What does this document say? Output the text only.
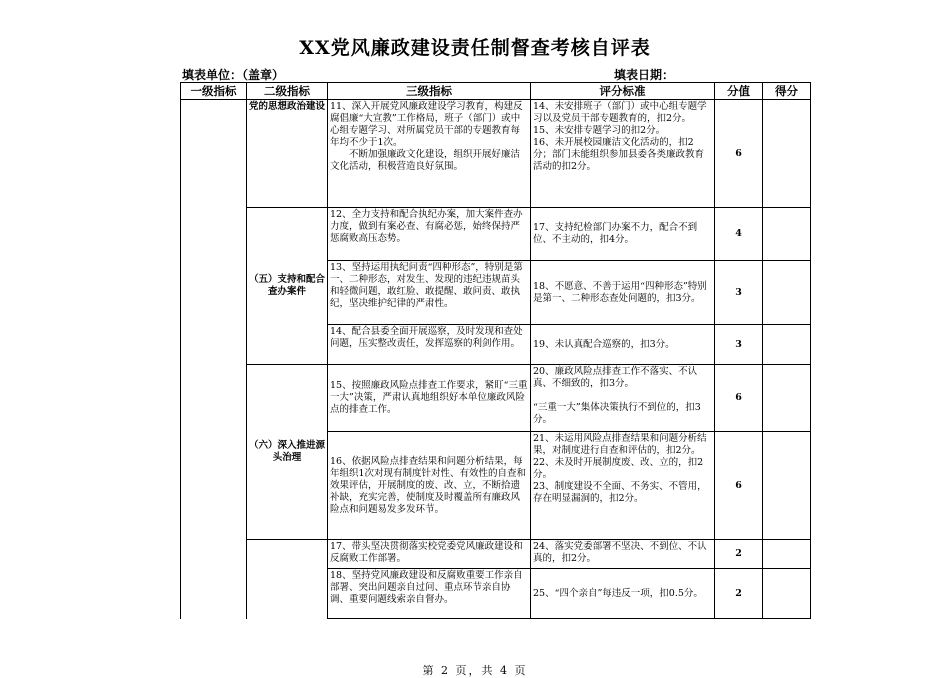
XX党风廉政建设责任制督查考核自评表
填表单位：（盖章）	填表日期：
一级指标	二级指标	三级指标	评分标准	分值	得分
	党的思想政治建设	11、深入开展党风廉政建设学习教育，构建反腐倡廉“大宣教”工作格局，班子（部门）或中心组专题学习、对所属党员干部的专题教育每年均不少于1次。
　　不断加强廉政文化建设，组织开展好廉洁文化活动，积极营造良好氛围。	14、未安排班子（部门）或中心组专题学习以及党员干部专题教育的，扣2分。
15、未安排专题学习的扣2分。
16、未开展校园廉洁文化活动的，扣2分；部门未能组织参加县委各类廉政教育活动的扣2分。	6	
	（五）支持和配合查办案件	12、全力支持和配合执纪办案，加大案件查办力度，做到有案必查、有腐必惩，始终保持严惩腐败高压态势。	17、支持纪检部门办案不力，配合不到位、不主动的，扣4分。	4	
		13、坚持运用执纪问责“四种形态”，特别是第一、二种形态，对发生、发现的违纪违规苗头和轻微问题，敢红脸、敢提醒、敢问责、敢执纪，坚决维护纪律的严肃性。	18、不愿意、不善于运用“四种形态”特别是第一、二种形态查处问题的，扣3分。	3	
		14、配合县委全面开展巡察，及时发现和查处问题，压实整改责任，发挥巡察的利剑作用。	19、未认真配合巡察的，扣3分。	3	
	（六）深入推进源头治理	15、按照廉政风险点排查工作要求，紧盯“三重一大”决策，严肃认真地组织好本单位廉政风险点的排查工作。	20、廉政风险点排查工作不落实、不认真、不细致的，扣3分。

“三重一大”集体决策执行不到位的，扣3分。	6	
		16、依据风险点排查结果和问题分析结果，每年组织1次对现有制度针对性、有效性的自查和效果评估，开展制度的废、改、立，不断拾遗补缺，充实完善，使制度及时覆盖所有廉政风险点和问题易发多发环节。	21、未运用风险点排查结果和问题分析结果，对制度进行自查和评估的，扣2分。
22、未及时开展制度废、改、立的，扣2分。
23、制度建设不全面、不务实、不管用，存在明显漏洞的，扣2分。	6	
		17、带头坚决贯彻落实校党委党风廉政建设和反腐败工作部署。	24、落实党委部署不坚决、不到位、不认真的，扣2分。	2	
		18、坚持党风廉政建设和反腐败重要工作亲自部署、突出问题亲自过问、重点环节亲自协调、重要问题线索亲自督办。	25、“四个亲自”每违反一项，扣0.5分。	2	
第 2 页，共 4 页
